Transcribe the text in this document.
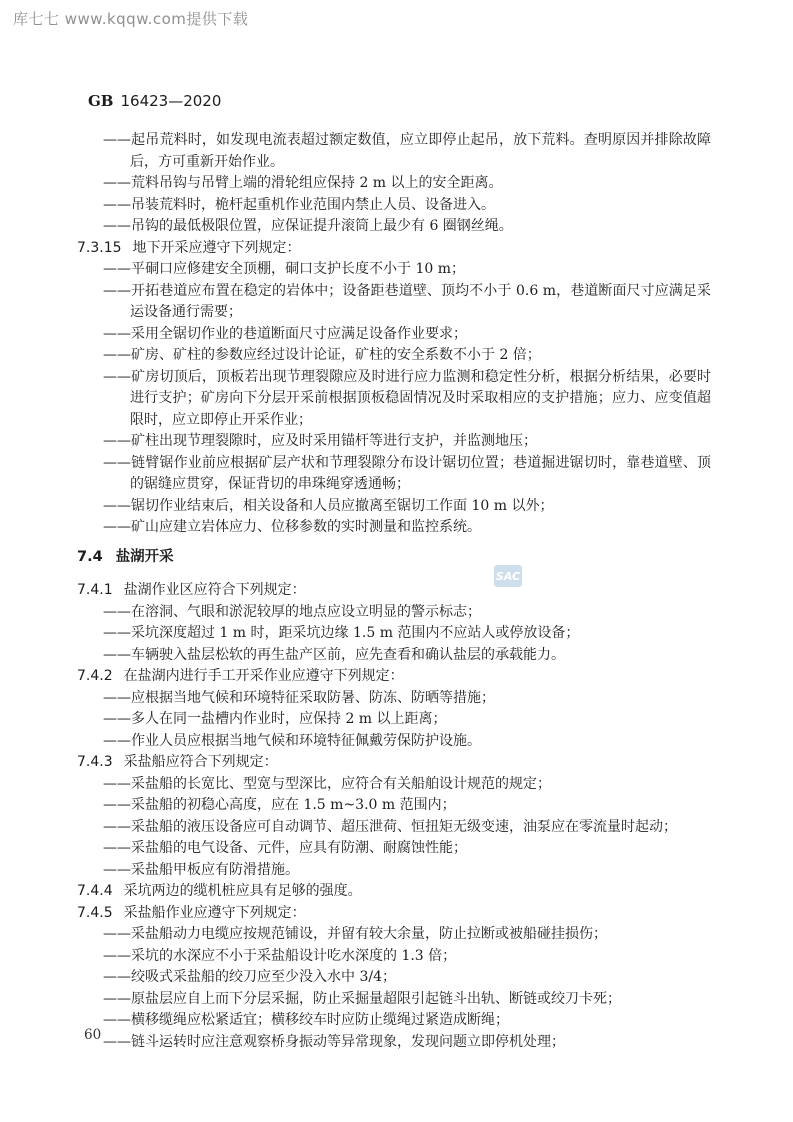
库七七 www.kqqw.com提供下载
GB 16423—2020
——起吊荒料时，如发现电流表超过额定数值，应立即停止起吊，放下荒料。查明原因并排除故障后，方可重新开始作业。
——荒料吊钩与吊臂上端的滑轮组应保持 2 m 以上的安全距离。
——吊装荒料时，桅杆起重机作业范围内禁止人员、设备进入。
——吊钩的最低极限位置，应保证提升滚筒上最少有 6 圈钢丝绳。
7.3.15 地下开采应遵守下列规定：
——平硐口应修建安全顶棚，硐口支护长度不小于 10 m；
——开拓巷道应布置在稳定的岩体中；设备距巷道壁、顶均不小于 0.6 m，巷道断面尺寸应满足采运设备通行需要；
——采用全锯切作业的巷道断面尺寸应满足设备作业要求；
——矿房、矿柱的参数应经过设计论证，矿柱的安全系数不小于 2 倍；
——矿房切顶后，顶板若出现节理裂隙应及时进行应力监测和稳定性分析，根据分析结果，必要时进行支护；矿房向下分层开采前根据顶板稳固情况及时采取相应的支护措施；应力、应变值超限时，应立即停止开采作业；
——矿柱出现节理裂隙时，应及时采用锚杆等进行支护，并监测地压；
——链臂锯作业前应根据矿层产状和节理裂隙分布设计锯切位置；巷道掘进锯切时，靠巷道壁、顶的锯缝应贯穿，保证背切的串珠绳穿透通畅；
——锯切作业结束后，相关设备和人员应撤离至锯切工作面 10 m 以外；
——矿山应建立岩体应力、位移参数的实时测量和监控系统。
7.4 盐湖开采
7.4.1 盐湖作业区应符合下列规定：
——在溶洞、气眼和淤泥较厚的地点应设立明显的警示标志；
——采坑深度超过 1 m 时，距采坑边缘 1.5 m 范围内不应站人或停放设备；
——车辆驶入盐层松软的再生盐产区前，应先查看和确认盐层的承载能力。
7.4.2 在盐湖内进行手工开采作业应遵守下列规定：
——应根据当地气候和环境特征采取防暑、防冻、防晒等措施；
——多人在同一盐槽内作业时，应保持 2 m 以上距离；
——作业人员应根据当地气候和环境特征佩戴劳保防护设施。
7.4.3 采盐船应符合下列规定：
——采盐船的长宽比、型宽与型深比，应符合有关船舶设计规范的规定；
——采盐船的初稳心高度，应在 1.5 m~3.0 m 范围内；
——采盐船的液压设备应可自动调节、超压泄荷、恒扭矩无级变速，油泵应在零流量时起动；
——采盐船的电气设备、元件，应具有防潮、耐腐蚀性能；
——采盐船甲板应有防滑措施。
7.4.4 采坑两边的缆机桩应具有足够的强度。
7.4.5 采盐船作业应遵守下列规定：
——采盐船动力电缆应按规范铺设，并留有较大余量，防止拉断或被船碰挂损伤；
——采坑的水深应不小于采盐船设计吃水深度的 1.3 倍；
——绞吸式采盐船的绞刀应至少没入水中 3/4；
——原盐层应自上而下分层采掘，防止采掘量超限引起链斗出轨、断链或绞刀卡死；
——横移缆绳应松紧适宜；横移绞车时应防止缆绳过紧造成断绳；
——链斗运转时应注意观察桥身振动等异常现象，发现问题立即停机处理；
SAC
60
